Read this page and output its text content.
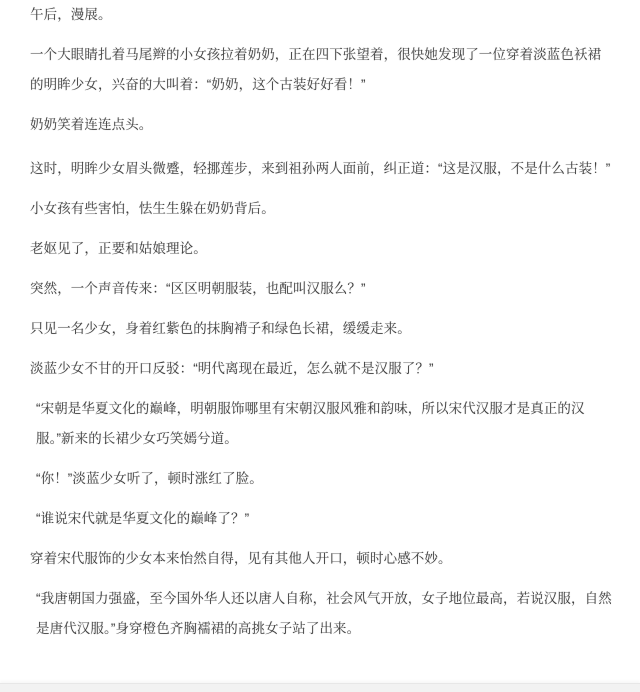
午后，漫展。

一个大眼睛扎着马尾辫的小女孩拉着奶奶，正在四下张望着，很快她发现了一位穿着淡蓝色袄裙的明眸少女，兴奋的大叫着：“奶奶，这个古装好好看！”

奶奶笑着连连点头。

这时，明眸少女眉头微蹙，轻挪莲步，来到祖孙两人面前，纠正道：“这是汉服，不是什么古装！”

小女孩有些害怕，怯生生躲在奶奶背后。

老妪见了，正要和姑娘理论。

突然，一个声音传来：“区区明朝服装，也配叫汉服么？”

只见一名少女，身着红紫色的抹胸褙子和绿色长裙，缓缓走来。

淡蓝少女不甘的开口反驳：“明代离现在最近，怎么就不是汉服了？”

“宋朝是华夏文化的巅峰，明朝服饰哪里有宋朝汉服风雅和韵味，所以宋代汉服才是真正的汉服。”新来的长裙少女巧笑嫣兮道。

“你！”淡蓝少女听了，顿时涨红了脸。

“谁说宋代就是华夏文化的巅峰了？”

穿着宋代服饰的少女本来怡然自得，见有其他人开口，顿时心感不妙。

“我唐朝国力强盛，至今国外华人还以唐人自称，社会风气开放，女子地位最高，若说汉服，自然是唐代汉服。”身穿橙色齐胸襦裙的高挑女子站了出来。
